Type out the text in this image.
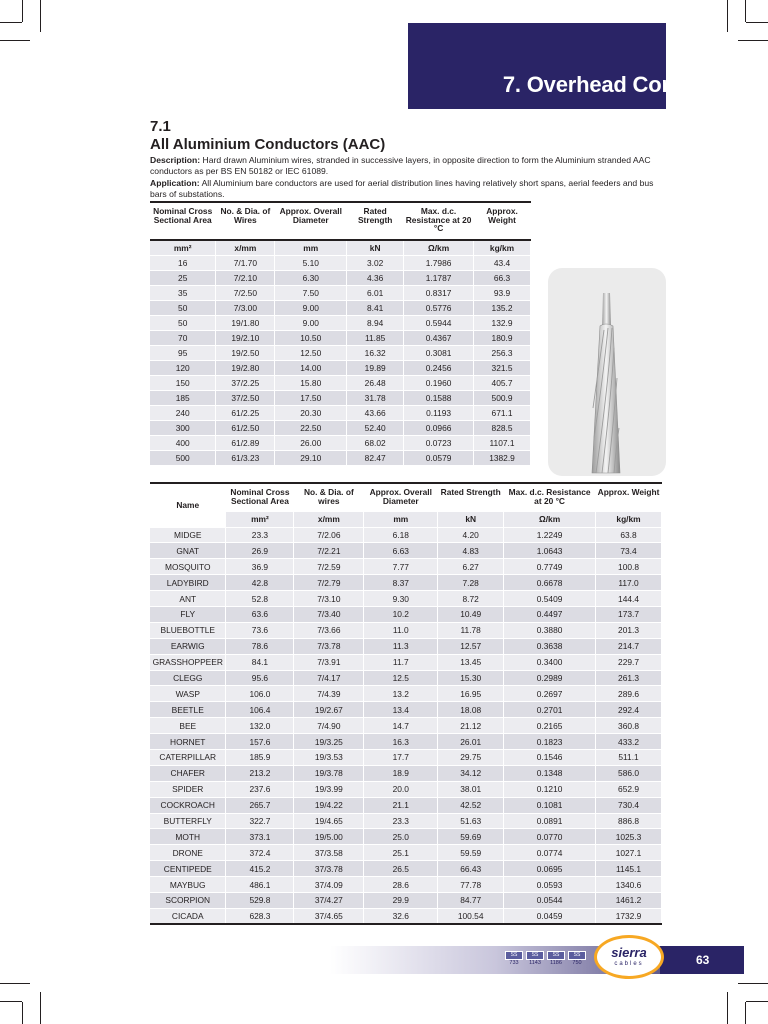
7. Overhead Conductors
7.1
All Aluminium Conductors (AAC)
Description: Hard drawn Aluminium wires, stranded in successive layers, in opposite direction to form the Aluminium stranded AAC conductors as per BS EN 50182 or IEC 61089.
Application: All Aluminium bare conductors are used for aerial distribution lines having relatively short spans, aerial feeders and bus bars of substations.
Nominal Cross Sectional Area	No. & Dia. of Wires	Approx. Overall Diameter	Rated Strength	Max. d.c. Resistance at 20 °C	Approx. Weight
mm²	x/mm	mm	kN	Ω/km	kg/km
16	7/1.70	5.10	3.02	1.7986	43.4
25	7/2.10	6.30	4.36	1.1787	66.3
35	7/2.50	7.50	6.01	0.8317	93.9
50	7/3.00	9.00	8.41	0.5776	135.2
50	19/1.80	9.00	8.94	0.5944	132.9
70	19/2.10	10.50	11.85	0.4367	180.9
95	19/2.50	12.50	16.32	0.3081	256.3
120	19/2.80	14.00	19.89	0.2456	321.5
150	37/2.25	15.80	26.48	0.1960	405.7
185	37/2.50	17.50	31.78	0.1588	500.9
240	61/2.25	20.30	43.66	0.1193	671.1
300	61/2.50	22.50	52.40	0.0966	828.5
400	61/2.89	26.00	68.02	0.0723	1107.1
500	61/3.23	29.10	82.47	0.0579	1382.9
Name	Nominal Cross Sectional Area	No. & Dia. of wires	Approx. Overall Diameter	Rated Strength	Max. d.c. Resistance at 20 °C	Approx. Weight
	mm²	x/mm	mm	kN	Ω/km	kg/km
MIDGE	23.3	7/2.06	6.18	4.20	1.2249	63.8
GNAT	26.9	7/2.21	6.63	4.83	1.0643	73.4
MOSQUITO	36.9	7/2.59	7.77	6.27	0.7749	100.8
LADYBIRD	42.8	7/2.79	8.37	7.28	0.6678	117.0
ANT	52.8	7/3.10	9.30	8.72	0.5409	144.4
FLY	63.6	7/3.40	10.2	10.49	0.4497	173.7
BLUEBOTTLE	73.6	7/3.66	11.0	11.78	0.3880	201.3
EARWIG	78.6	7/3.78	11.3	12.57	0.3638	214.7
GRASSHOPPEER	84.1	7/3.91	11.7	13.45	0.3400	229.7
CLEGG	95.6	7/4.17	12.5	15.30	0.2989	261.3
WASP	106.0	7/4.39	13.2	16.95	0.2697	289.6
BEETLE	106.4	19/2.67	13.4	18.08	0.2701	292.4
BEE	132.0	7/4.90	14.7	21.12	0.2165	360.8
HORNET	157.6	19/3.25	16.3	26.01	0.1823	433.2
CATERPILLAR	185.9	19/3.53	17.7	29.75	0.1546	511.1
CHAFER	213.2	19/3.78	18.9	34.12	0.1348	586.0
SPIDER	237.6	19/3.99	20.0	38.01	0.1210	652.9
COCKROACH	265.7	19/4.22	21.1	42.52	0.1081	730.4
BUTTERFLY	322.7	19/4.65	23.3	51.63	0.0891	886.8
MOTH	373.1	19/5.00	25.0	59.69	0.0770	1025.3
DRONE	372.4	37/3.58	25.1	59.59	0.0774	1027.1
CENTIPEDE	415.2	37/3.78	26.5	66.43	0.0695	1145.1
MAYBUG	486.1	37/4.09	28.6	77.78	0.0593	1340.6
SCORPION	529.8	37/4.27	29.9	84.77	0.0544	1461.2
CICADA	628.3	37/4.65	32.6	100.54	0.0459	1732.9
SS
733
SS
1143
SS
1186
SS
750
sierra
cables	63
